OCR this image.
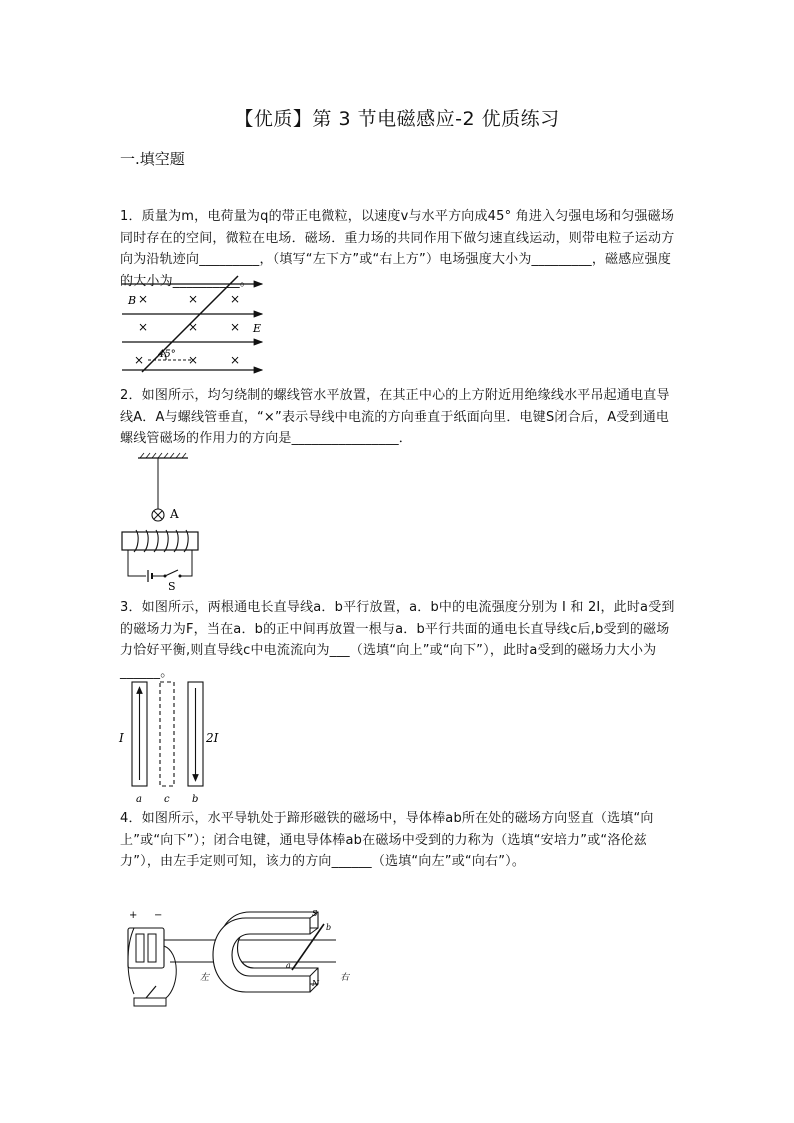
【优质】第 3 节电磁感应-2 优质练习
一.填空题

1．质量为m，电荷量为q的带正电微粒，以速度v与水平方向成45° 角进入匀强电场和匀强磁场同时存在的空间，微粒在电场．磁场．重力场的共同作用下做匀速直线运动，则带电粒子运动方向为沿轨迹向_________，（填写“左下方”或“右上方”）电场强度大小为_________，磁感应强度的大小为__________。

45°
B
E
×	×	×
×	×	×
×	×	×

2．如图所示，均匀绕制的螺线管水平放置，在其正中心的上方附近用绝缘线水平吊起通电直导线A．A与螺线管垂直，“×”表示导线中电流的方向垂直于纸面向里．电键S闭合后，A受到通电螺线管磁场的作用力的方向是________________．

A
S

3．如图所示，两根通电长直导线a．b平行放置，a．b中的电流强度分别为 I 和 2I，此时a受到的磁场力为F，当在a．b的正中间再放置一根与a．b平行共面的通电长直导线c后,b受到的磁场力恰好平衡,则直导线c中电流流向为___（选填“向上”或“向下”），此时a受到的磁场力大小为______。

I	2I
a c b

4．如图所示，水平导轨处于蹄形磁铁的磁场中，导体棒ab所在处的磁场方向竖直（选填“向上”或“向下”）；闭合电键，通电导体棒ab在磁场中受到的力称为（选填“安培力”或“洛伦兹力”），由左手定则可知，该力的方向______（选填“向左”或“向右”）。

+ −	S
b
a
N
左	右
